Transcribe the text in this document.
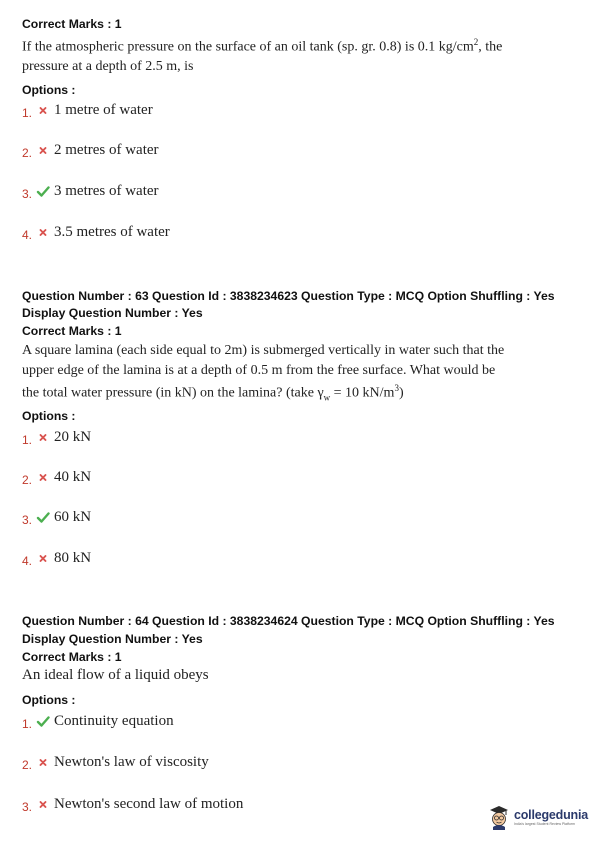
Correct Marks : 1
If the atmospheric pressure on the surface of an oil tank (sp. gr. 0.8) is 0.1 $kg/cm^2$, the
pressure at a depth of 2.5 m, is
Options :
1. 1 metre of water
2. 2 metres of water
3. 3 metres of water
4. 3.5 metres of water
Question Number : 63 Question Id : 3838234623 Question Type : MCQ Option Shuffling : Yes
Display Question Number : Yes
Correct Marks : 1
A square lamina (each side equal to 2m) is submerged vertically in water such that the
upper edge of the lamina is at a depth of 0.5 m from the free surface. What would be
the total water pressure (in kN) on the lamina? (take $\gamma_w = 10$ $kN/m^3$)
Options :
1. 20 kN
2. 40 kN
3. 60 kN
4. 80 kN
Question Number : 64 Question Id : 3838234624 Question Type : MCQ Option Shuffling : Yes
Display Question Number : Yes
Correct Marks : 1
An ideal flow of a liquid obeys
Options :
1. Continuity equation
2. Newton's law of viscosity
3. Newton's second law of motion
collegedunia
India's largest Student Review Platform
